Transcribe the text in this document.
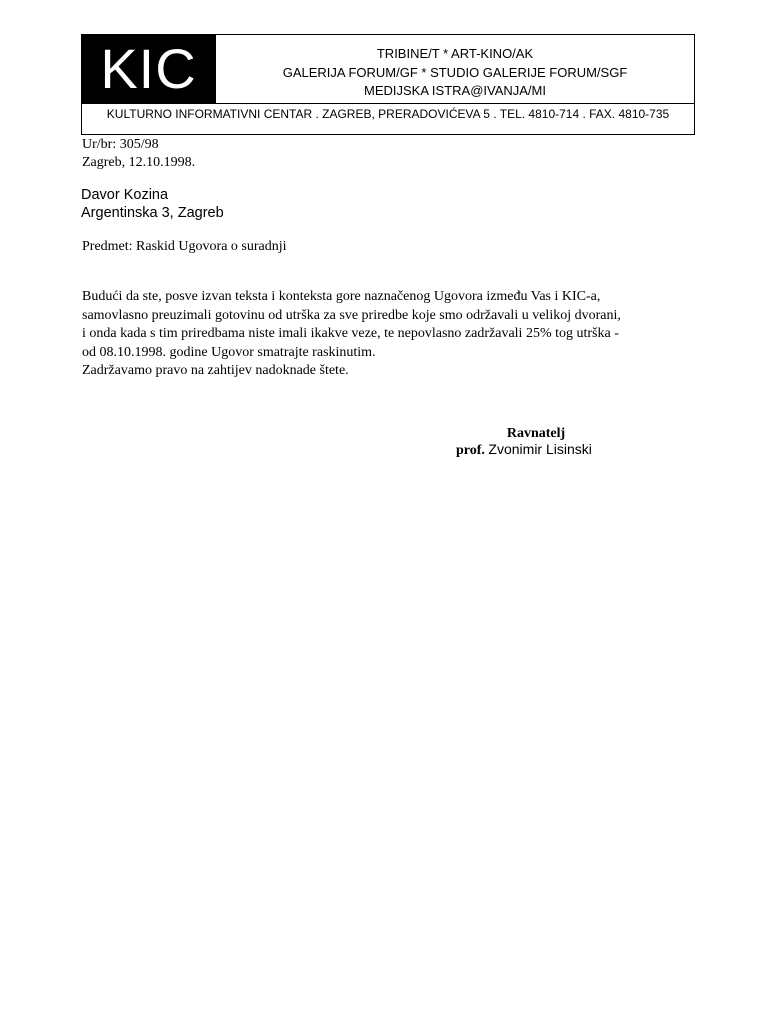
KIC	TRIBINE/T * ART-KINO/AK
GALERIJA FORUM/GF * STUDIO GALERIJE FORUM/SGF
MEDIJSKA ISTRA@IVANJA/MI
KULTURNO INFORMATIVNI CENTAR . ZAGREB, PRERADOVIĆEVA 5 . TEL. 4810-714 . FAX. 4810-735
Ur/br: 305/98
Zagreb, 12.10.1998.
Davor Kozina
Argentinska 3, Zagreb
Predmet: Raskid Ugovora o suradnji
Budući da ste, posve izvan teksta i konteksta gore naznačenog Ugovora između Vas i KIC-a,
samovlasno preuzimali gotovinu od utrška za sve priredbe koje smo održavali u velikoj dvorani,
i onda kada s tim priredbama niste imali ikakve veze, te nepovlasno zadržavali 25% tog utrška -
od 08.10.1998. godine Ugovor smatrajte raskinutim.
Zadržavamo pravo na zahtijev nadoknade štete.
Ravnatelj
prof. Zvonimir Lisinski
